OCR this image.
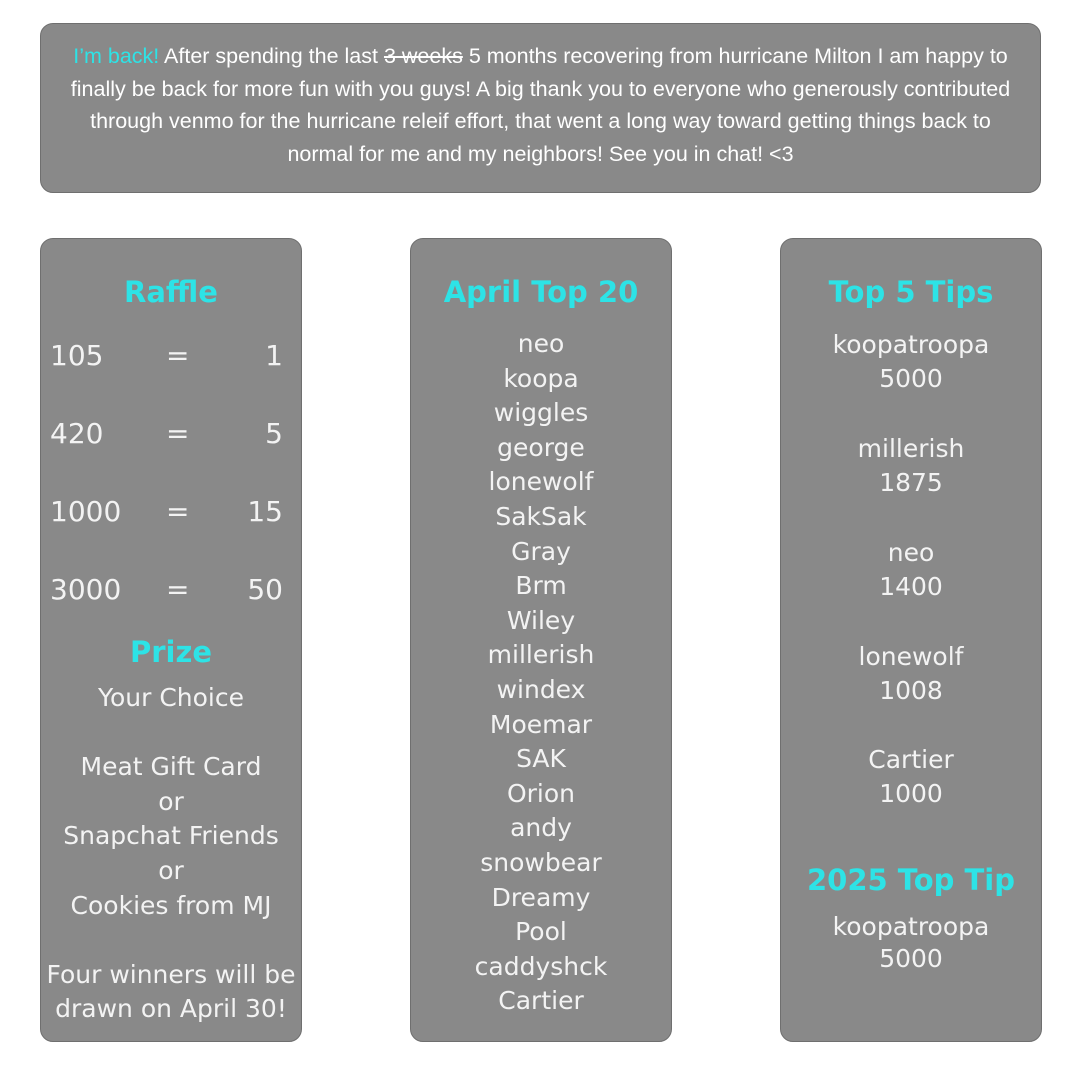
I’m back! After spending the last 3 weeks 5 months recovering from hurricane Milton I am happy to finally be back for more fun with you guys! A big thank you to everyone who generously contributed through venmo for the hurricane releif effort, that went a long way toward getting things back to normal for me and my neighbors! See you in chat! <3
Raffle
105 =	1
420 =	5
1000 = 15
3000 = 50
Prize
Your Choice
Meat Gift Card
or
Snapchat Friends
or
Cookies from MJ
Four winners will be
drawn on April 30!
April Top 20
neo
koopa
wiggles
george
lonewolf
SakSak
Gray
Brm
Wiley
millerish
windex
Moemar
SAK
Orion
andy
snowbear
Dreamy
Pool
caddyshck
Cartier
Top 5 Tips
koopatroopa
5000
millerish
1875
neo
1400
lonewolf
1008
Cartier
1000
2025 Top Tip
koopatroopa
5000
